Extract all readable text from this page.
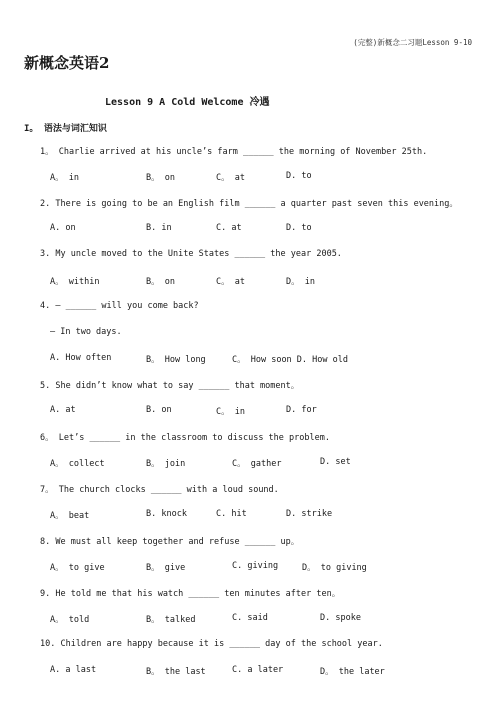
(完整)新概念二习题Lesson 9-10
新概念英语2
Lesson 9 A Cold Welcome 冷遇
I。 语法与词汇知识
1。 Charlie arrived at his uncle’s farm ______ the morning of November 25th.
A。 in	B。 on	C。 at	D. to
2. There is going to be an English film ______ a quarter past seven this evening。
A. on	B. in	C. at	D. to
3. My uncle moved to the Unite States ______ the year 2005.
A。 within	B。 on	C。 at	D。 in
4. — ______ will you come back?
– In two days.
A. How often	B。 How long	C。 How soon D. How old
5. She didn’t know what to say ______ that moment。
A. at	B. on	C。 in	D. for
6。 Let’s ______ in the classroom to discuss the problem.
A。 collect	B。 join	C。 gather	D. set
7。 The church clocks ______ with a loud sound.
A。 beat	B. knock	C. hit	D. strike
8. We must all keep together and refuse ______ up。
A。 to give	B。 give	C. giving	D。 to giving
9. He told me that his watch ______ ten minutes after ten。
A。 told	B。 talked	C. said	D. spoke
10. Children are happy because it is ______ day of the school year.
A. a last	B。 the last	C. a later	D。 the later
